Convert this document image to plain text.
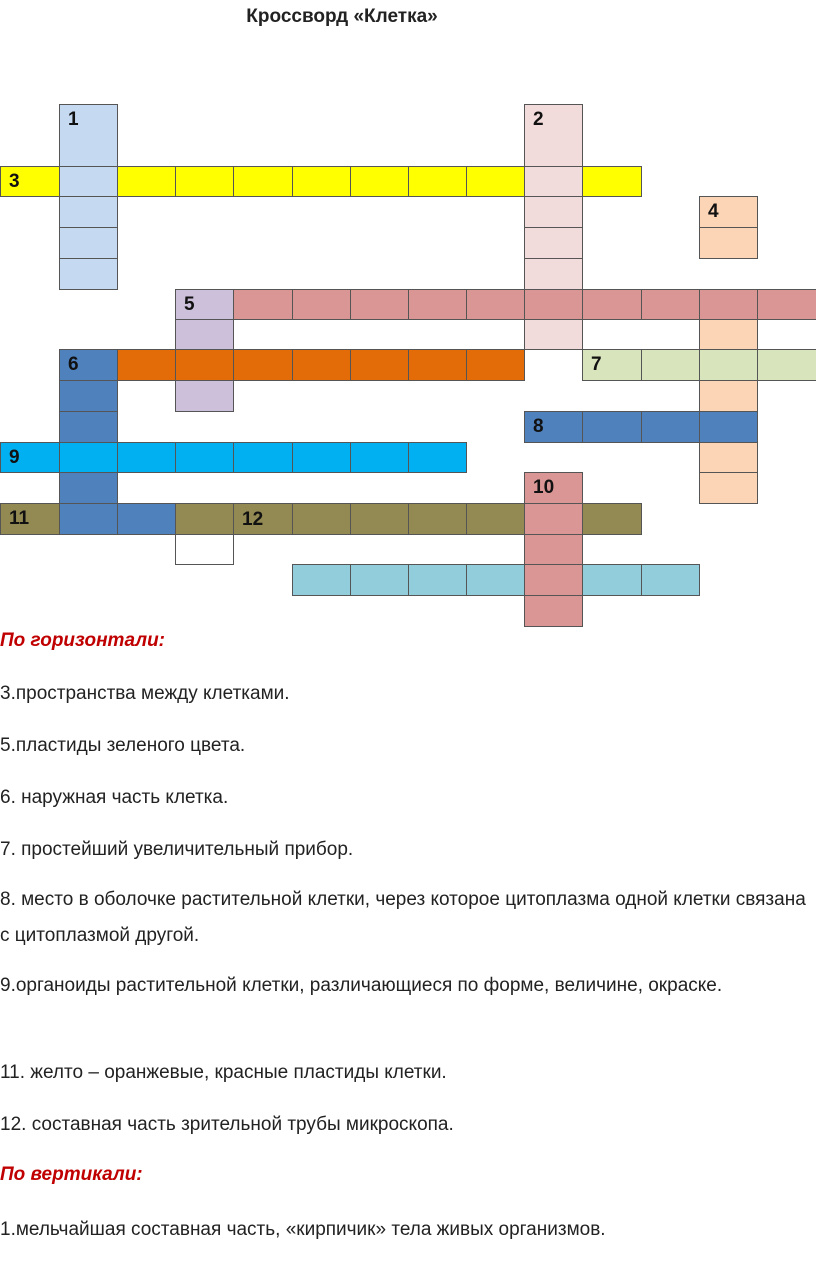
Кроссворд «Клетка»
1	2
3
4
5
6	7
8
9
10
11	12
По горизонтали:
3.пространства между клетками.
5.пластиды зеленого цвета.
6. наружная часть клетка.
7. простейший увеличительный прибор.
8. место в оболочке растительной клетки, через которое цитоплазма одной клетки связана с цитоплазмой другой.
9.органоиды растительной клетки, различающиеся по форме, величине, окраске.
11. желто – оранжевые, красные пластиды клетки.
12. составная часть зрительной трубы микроскопа.
По вертикали:
1.мельчайшая составная часть, «кирпичик» тела живых организмов.
